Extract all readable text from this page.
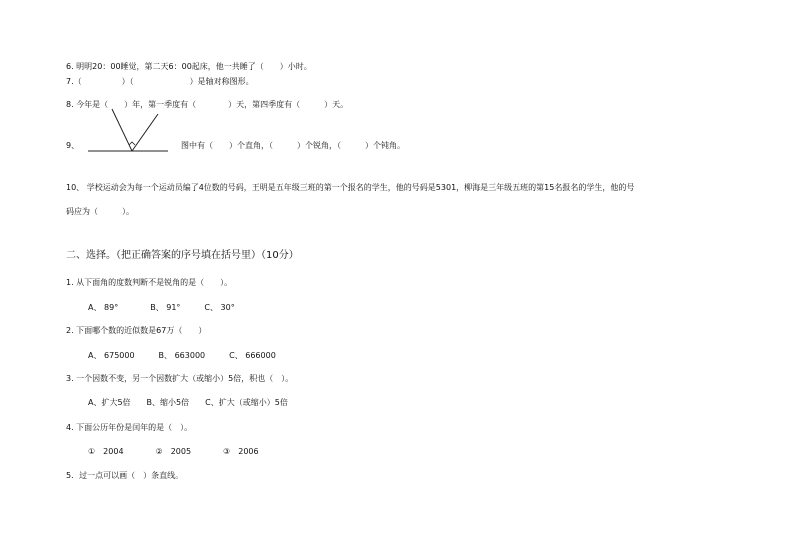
6. 明明20：00睡觉，第二天6：00起床，他一共睡了（　　）小时。
7.（　　　　　）（　　　　　　　）是轴对称图形。
8. 今年是（　　）年，第一季度有（　　　　）天，第四季度有（　　　）天。
9、	图中有（　　）个直角，（　　　）个锐角，（　　　）个钝角。
10、 学校运动会为每一个运动员编了4位数的号码，王明是五年级三班的第一个报名的学生，他的号码是5301，柳海是三年级五班的第15名报名的学生，他的号
码应为（　　　）。
二、选择。（把正确答案的序号填在括号里）（10分）
1. 从下面角的度数判断不是锐角的是（　　）。
A、 89°　　　　B、 91°　　　C、 30°
2. 下面哪个数的近似数是67万（　　）
A、 675000　　　B、 663000　　　C、 666000
3. 一个因数不变，另一个因数扩大（或缩小）5倍，积也（　）。
A、扩大5倍　　B、缩小5倍　　C、扩大（或缩小）5倍
4. 下面公历年份是闰年的是（　）。
①　2004　　　　②　2005　　　　③　2006
5．过一点可以画（　）条直线。
